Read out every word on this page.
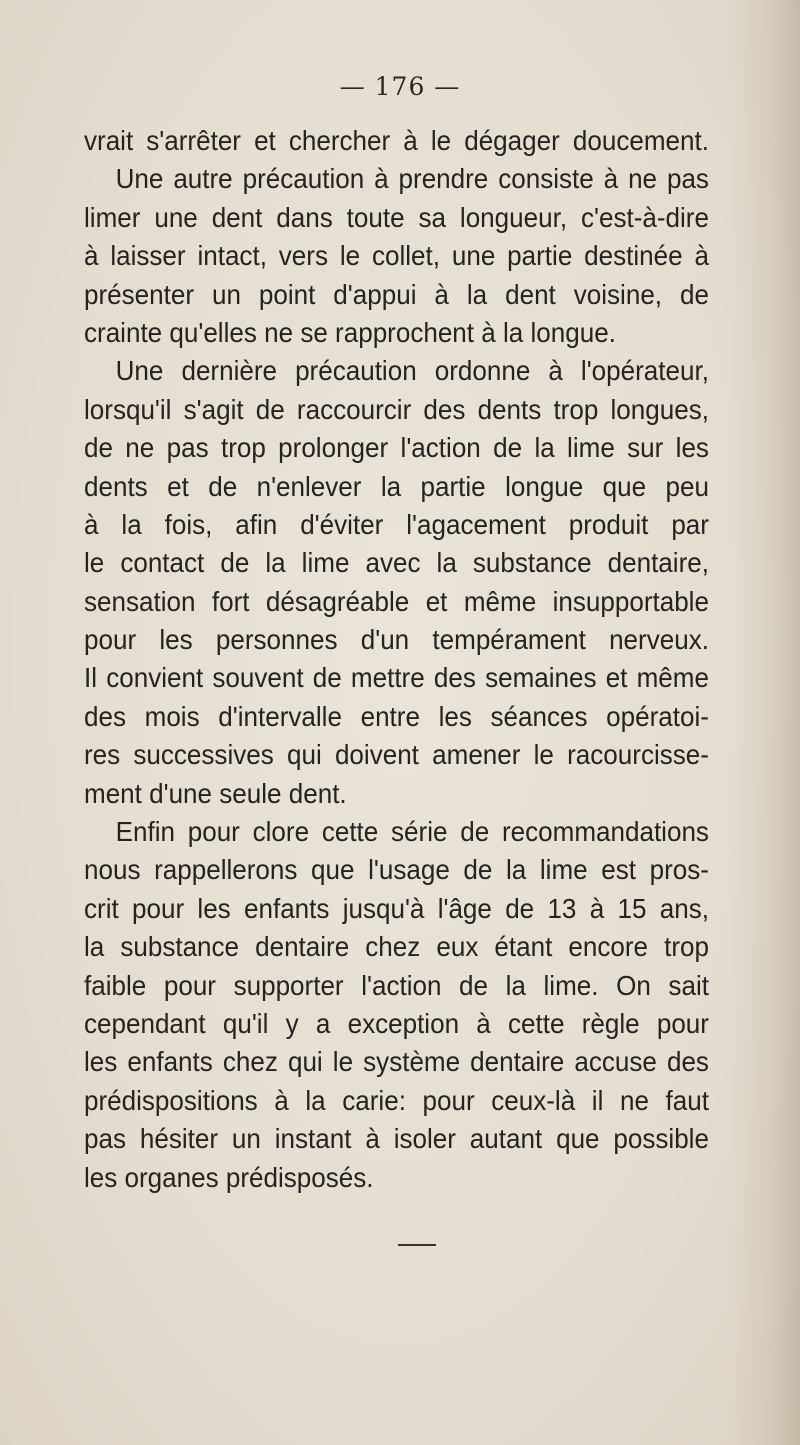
— 176 —
vrait s'arrêter et chercher à le dégager doucement.
Une autre précaution à prendre consiste à ne pas
limer une dent dans toute sa longueur, c'est-à-dire
à laisser intact, vers le collet, une partie destinée à
présenter un point d'appui à la dent voisine, de
crainte qu'elles ne se rapprochent à la longue.
Une dernière précaution ordonne à l'opérateur,
lorsqu'il s'agit de raccourcir des dents trop longues,
de ne pas trop prolonger l'action de la lime sur les
dents et de n'enlever la partie longue que peu
à la fois, afin d'éviter l'agacement produit par
le contact de la lime avec la substance dentaire,
sensation fort désagréable et même insupportable
pour les personnes d'un tempérament nerveux.
Il convient souvent de mettre des semaines et même
des mois d'intervalle entre les séances opératoi-
res successives qui doivent amener le racourcisse-
ment d'une seule dent.
Enfin pour clore cette série de recommandations
nous rappellerons que l'usage de la lime est pros-
crit pour les enfants jusqu'à l'âge de 13 à 15 ans,
la substance dentaire chez eux étant encore trop
faible pour supporter l'action de la lime. On sait
cependant qu'il y a exception à cette règle pour
les enfants chez qui le système dentaire accuse des
prédispositions à la carie: pour ceux-là il ne faut
pas hésiter un instant à isoler autant que possible
les organes prédisposés.
